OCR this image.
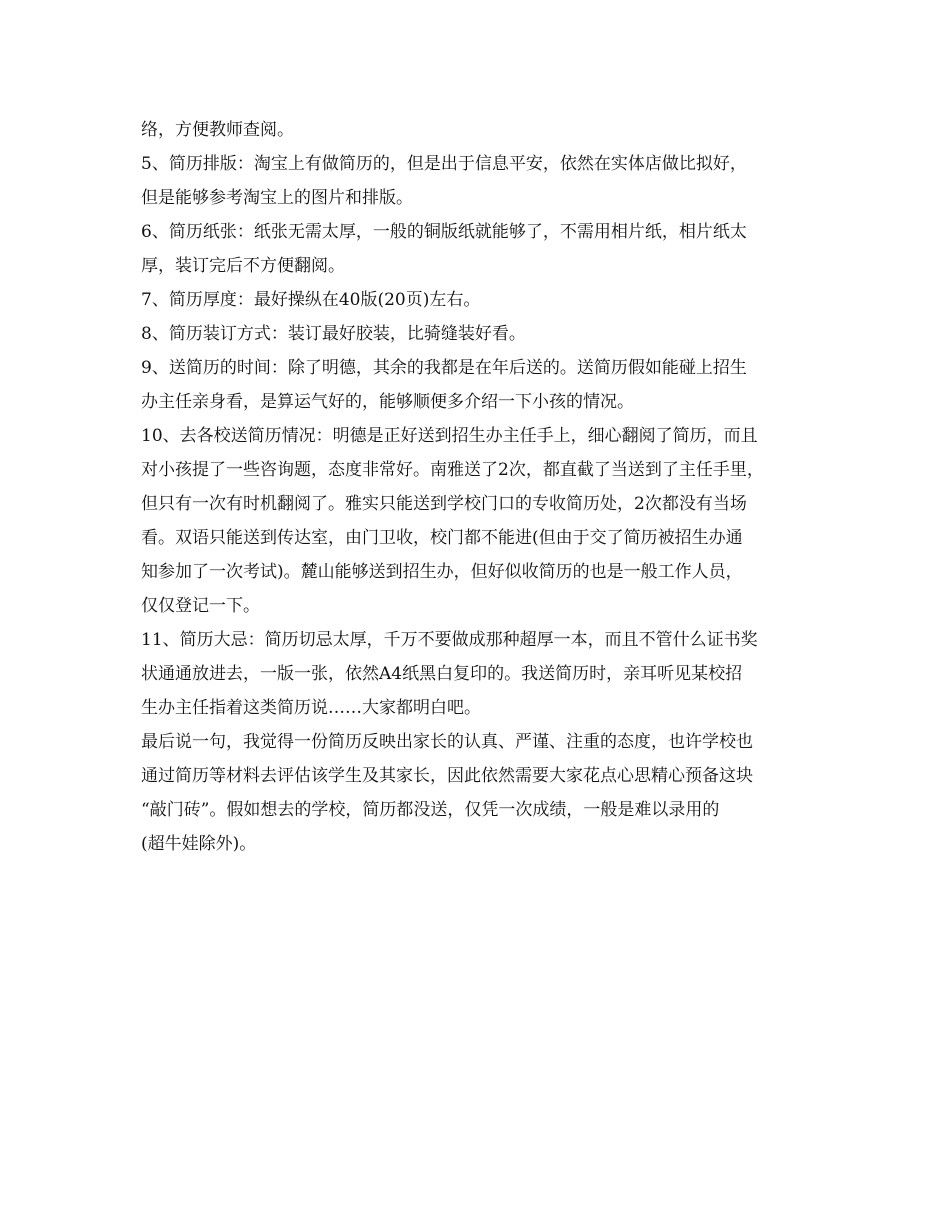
络，方便教师查阅。
5、简历排版：淘宝上有做简历的，但是出于信息平安，依然在实体店做比拟好，
但是能够参考淘宝上的图片和排版。
6、简历纸张：纸张无需太厚，一般的铜版纸就能够了，不需用相片纸，相片纸太
厚，装订完后不方便翻阅。
7、简历厚度：最好操纵在40版(20页)左右。
8、简历装订方式：装订最好胶装，比骑缝装好看。
9、送简历的时间：除了明德，其余的我都是在年后送的。送简历假如能碰上招生
办主任亲身看，是算运气好的，能够顺便多介绍一下小孩的情况。
10、去各校送简历情况：明德是正好送到招生办主任手上，细心翻阅了简历，而且
对小孩提了一些咨询题，态度非常好。南雅送了2次，都直截了当送到了主任手里，
但只有一次有时机翻阅了。雅实只能送到学校门口的专收简历处，2次都没有当场
看。双语只能送到传达室，由门卫收，校门都不能进(但由于交了简历被招生办通
知参加了一次考试)。麓山能够送到招生办，但好似收简历的也是一般工作人员，
仅仅登记一下。
11、简历大忌：简历切忌太厚，千万不要做成那种超厚一本，而且不管什么证书奖
状通通放进去，一版一张，依然A4纸黑白复印的。我送简历时，亲耳听见某校招
生办主任指着这类简历说……大家都明白吧。
最后说一句，我觉得一份简历反映出家长的认真、严谨、注重的态度，也许学校也
通过简历等材料去评估该学生及其家长，因此依然需要大家花点心思精心预备这块
“敲门砖”。假如想去的学校，简历都没送，仅凭一次成绩，一般是难以录用的
(超牛娃除外)。
